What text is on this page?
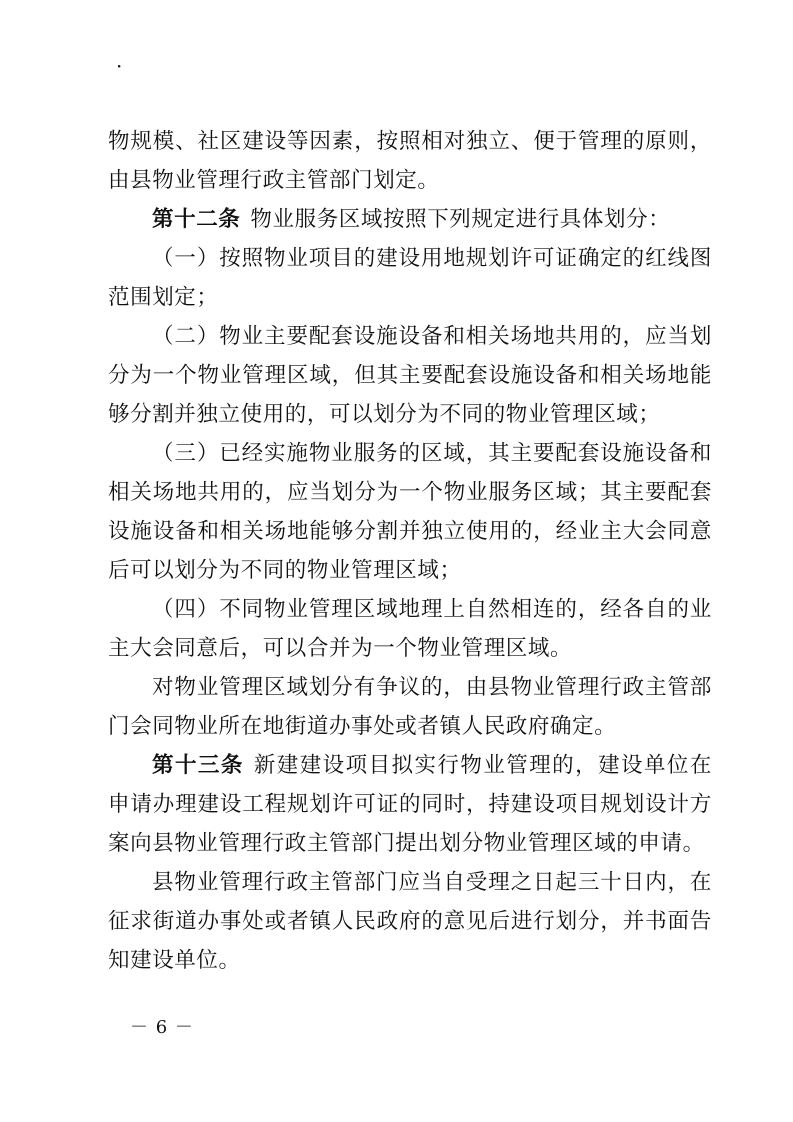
·

物规模、社区建设等因素，按照相对独立、便于管理的原则，由县物业管理行政主管部门划定。

第十二条 物业服务区域按照下列规定进行具体划分：

（一）按照物业项目的建设用地规划许可证确定的红线图范围划定；

（二）物业主要配套设施设备和相关场地共用的，应当划分为一个物业管理区域，但其主要配套设施设备和相关场地能够分割并独立使用的，可以划分为不同的物业管理区域；

（三）已经实施物业服务的区域，其主要配套设施设备和相关场地共用的，应当划分为一个物业服务区域；其主要配套设施设备和相关场地能够分割并独立使用的，经业主大会同意后可以划分为不同的物业管理区域；

（四）不同物业管理区域地理上自然相连的，经各自的业主大会同意后，可以合并为一个物业管理区域。

对物业管理区域划分有争议的，由县物业管理行政主管部门会同物业所在地街道办事处或者镇人民政府确定。

第十三条 新建建设项目拟实行物业管理的，建设单位在申请办理建设工程规划许可证的同时，持建设项目规划设计方案向县物业管理行政主管部门提出划分物业管理区域的申请。

县物业管理行政主管部门应当自受理之日起三十日内，在征求街道办事处或者镇人民政府的意见后进行划分，并书面告知建设单位。

－ 6 －
